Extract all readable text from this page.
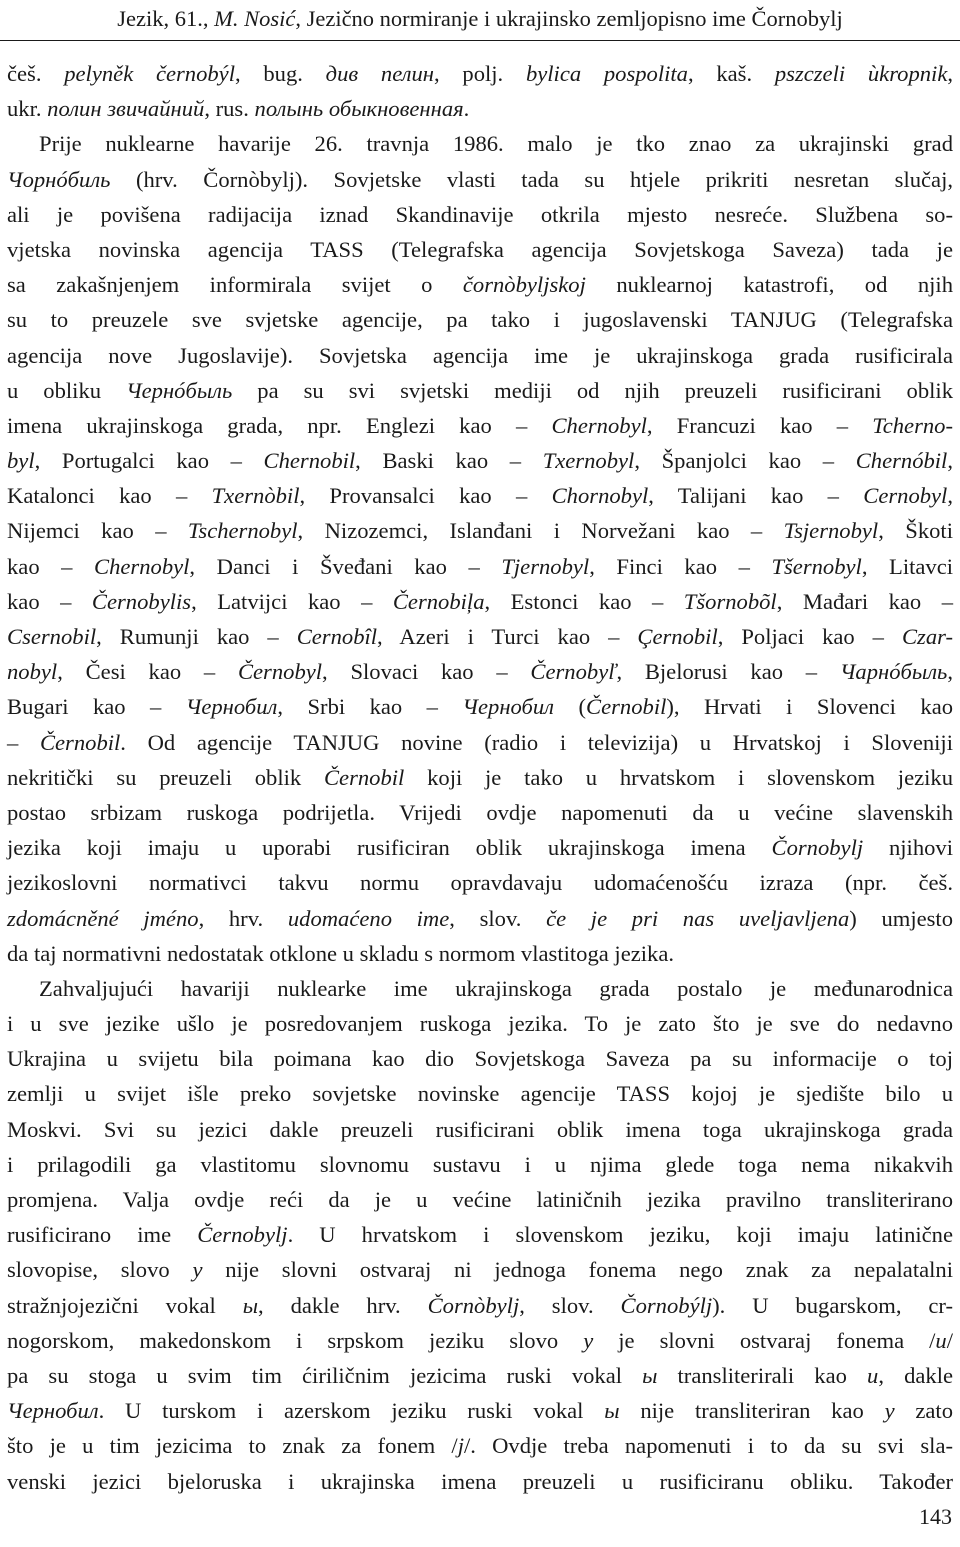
Jezik, 61., M. Nosić, Jezično normiranje i ukrajinsko zemljopisno ime Čornobylj
češ. pelyněk černobýl, bug. див пелин, polj. bylica pospolita, kaš. pszczeli ùkropnik,
ukr. полин звичайний, rus. полынь обыкновенная.
Prije nuklearne havarije 26. travnja 1986. malo je tko znao za ukrajinski grad
Чорнóбиль (hrv. Čornòbylj). Sovjetske vlasti tada su htjele prikriti nesretan slučaj,
ali je povišena radijacija iznad Skandinavije otkrila mjesto nesreće. Službena so-
vjetska novinska agencija TASS (Telegrafska agencija Sovjetskoga Saveza) tada je
sa zakašnjenjem informirala svijet o čornòbyljskoj nuklearnoj katastrofi, od njih
su to preuzele sve svjetske agencije, pa tako i jugoslavenski TANJUG (Telegrafska
agencija nove Jugoslavije). Sovjetska agencija ime je ukrajinskoga grada rusificirala
u obliku Чернóбыль pa su svi svjetski mediji od njih preuzeli rusificirani oblik
imena ukrajinskoga grada, npr. Englezi kao – Chernobyl, Francuzi kao – Tcherno-
byl, Portugalci kao – Chernobil, Baski kao – Txernobyl, Španjolci kao – Chernóbil,
Katalonci kao – Txernòbil, Provansalci kao – Chornobyl, Talijani kao – Cernobyl,
Nijemci kao – Tschernobyl, Nizozemci, Islanđani i Norvežani kao – Tsjernobyl, Škoti
kao – Chernobyl, Danci i Šveđani kao – Tjernobyl, Finci kao – Tšernobyl, Litavci
kao – Černobylis, Latvijci kao – Černobiļa, Estonci kao – Tšornobõl, Mađari kao –
Csernobil, Rumunji kao – Cernobîl, Azeri i Turci kao – Çernobil, Poljaci kao – Czar-
nobyl, Česi kao – Černobyl, Slovaci kao – Černobyľ, Bjelorusi kao – Чарнóбыль,
Bugari kao – Чернобил, Srbi kao – Чернобил (Černobil), Hrvati i Slovenci kao
– Černobil. Od agencije TANJUG novine (radio i televizija) u Hrvatskoj i Sloveniji
nekritički su preuzeli oblik Černobil koji je tako u hrvatskom i slovenskom jeziku
postao srbizam ruskoga podrijetla. Vrijedi ovdje napomenuti da u većine slavenskih
jezika koji imaju u uporabi rusificiran oblik ukrajinskoga imena Čornobylj njihovi
jezikoslovni normativci takvu normu opravdavaju udomaćenošću izraza (npr. češ.
zdomácněné jméno, hrv. udomaćeno ime, slov. če je pri nas uveljavljena) umjesto
da taj normativni nedostatak otklone u skladu s normom vlastitoga jezika.
Zahvaljujući havariji nuklearke ime ukrajinskoga grada postalo je međunarodnica
i u sve jezike ušlo je posredovanjem ruskoga jezika. To je zato što je sve do nedavno
Ukrajina u svijetu bila poimana kao dio Sovjetskoga Saveza pa su informacije o toj
zemlji u svijet išle preko sovjetske novinske agencije TASS kojoj je sjedište bilo u
Moskvi. Svi su jezici dakle preuzeli rusificirani oblik imena toga ukrajinskoga grada
i prilagodili ga vlastitomu slovnomu sustavu i u njima glede toga nema nikakvih
promjena. Valja ovdje reći da je u većine latiničnih jezika pravilno transliterirano
rusificirano ime Černobylj. U hrvatskom i slovenskom jeziku, koji imaju latinične
slovopise, slovo y nije slovni ostvaraj ni jednoga fonema nego znak za nepalatalni
stražnjojezični vokal ы, dakle hrv. Čornòbylj, slov. Čornobýlj). U bugarskom, cr-
nogorskom, makedonskom i srpskom jeziku slovo y je slovni ostvaraj fonema /u/
pa su stoga u svim tim ćiriličnim jezicima ruski vokal ы transliterirali kao u, dakle
Чернобил. U turskom i azerskom jeziku ruski vokal ы nije transliteriran kao y zato
što je u tim jezicima to znak za fonem /j/. Ovdje treba napomenuti i to da su svi sla-
venski jezici bjeloruska i ukrajinska imena preuzeli u rusificiranu obliku. Također
143
